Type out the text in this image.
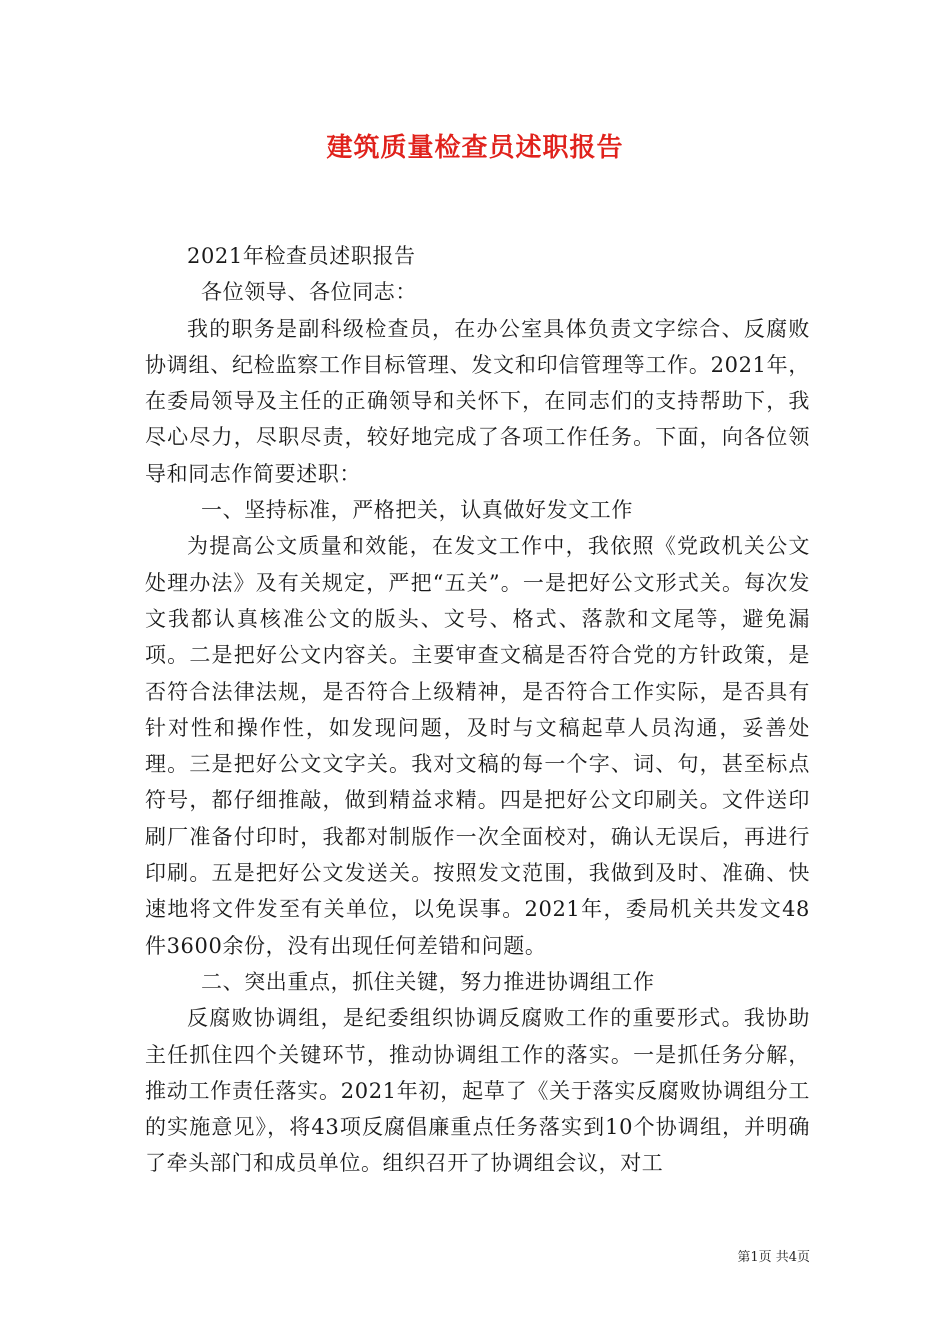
建筑质量检查员述职报告

2021年检查员述职报告

各位领导、各位同志：

我的职务是副科级检查员，在办公室具体负责文字综合、反腐败协调组、纪检监察工作目标管理、发文和印信管理等工作。2021年，在委局领导及主任的正确领导和关怀下，在同志们的支持帮助下，我尽心尽力，尽职尽责，较好地完成了各项工作任务。下面，向各位领导和同志作简要述职：

一、坚持标准，严格把关，认真做好发文工作

为提高公文质量和效能，在发文工作中，我依照《党政机关公文处理办法》及有关规定，严把“五关”。一是把好公文形式关。每次发文我都认真核准公文的版头、文号、格式、落款和文尾等，避免漏项。二是把好公文内容关。主要审查文稿是否符合党的方针政策，是否符合法律法规，是否符合上级精神，是否符合工作实际，是否具有针对性和操作性，如发现问题，及时与文稿起草人员沟通，妥善处理。三是把好公文文字关。我对文稿的每一个字、词、句，甚至标点符号，都仔细推敲，做到精益求精。四是把好公文印刷关。文件送印刷厂准备付印时，我都对制版作一次全面校对，确认无误后，再进行印刷。五是把好公文发送关。按照发文范围，我做到及时、准确、快速地将文件发至有关单位，以免误事。2021年，委局机关共发文48件3600余份，没有出现任何差错和问题。

二、突出重点，抓住关键，努力推进协调组工作

反腐败协调组，是纪委组织协调反腐败工作的重要形式。我协助主任抓住四个关键环节，推动协调组工作的落实。一是抓任务分解，推动工作责任落实。2021年初，起草了《关于落实反腐败协调组分工的实施意见》，将43项反腐倡廉重点任务落实到10个协调组，并明确了牵头部门和成员单位。组织召开了协调组会议，对工

第1页 共4页
